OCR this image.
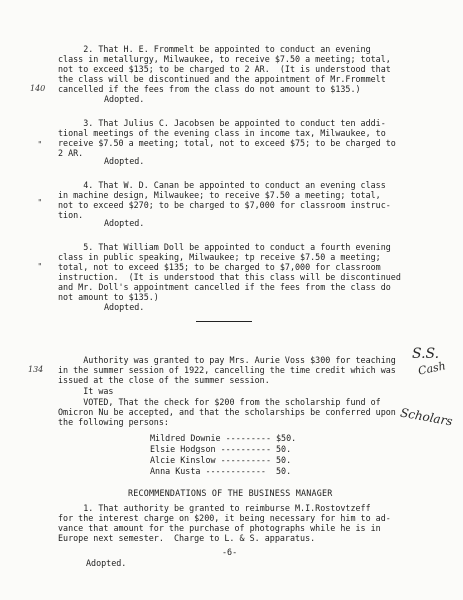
140
"
"
"
134
S.S.
Cash
Scholars
2. That H. E. Frommelt be appointed to conduct an evening
class in metallurgy, Milwaukee, to receive $7.50 a meeting; total,
not to exceed $135; to be charged to 2 AR.  (It is understood that
the class will be discontinued and the appointment of Mr.Frommelt
cancelled if the fees from the class do not amount to $135.)
Adopted.
3. That Julius C. Jacobsen be appointed to conduct ten addi-
tional meetings of the evening class in income tax, Milwaukee, to
receive $7.50 a meeting; total, not to exceed $75; to be charged to
2 AR.
Adopted.
4. That W. D. Canan be appointed to conduct an evening class
in machine design, Milwaukee; to receive $7.50 a meeting; total,
not to exceed $270; to be charged to $7,000 for classroom instruc-
tion.
Adopted.
5. That William Doll be appointed to conduct a fourth evening
class in public speaking, Milwaukee; tp receive $7.50 a meeting;
total, not to exceed $135; to be charged to $7,000 for classroom
instruction.  (It is understood that this class will be discontinued
and Mr. Doll's appointment cancelled if the fees from the class do
not amount to $135.)
Adopted.
Authority was granted to pay Mrs. Aurie Voss $300 for teaching
in the summer session of 1922, cancelling the time credit which was
issued at the close of the summer session.
It was
VOTED, That the check for $200 from the scholarship fund of
Omicron Nu be accepted, and that the scholarships be conferred upon
the following persons:
Mildred Downie --------- $50.
Elsie Hodgson ---------- 50.
Alcie Kinslow ---------- 50.
Anna Kusta ------------ 50.
RECOMMENDATIONS OF THE BUSINESS MANAGER
1. That authority be granted to reimburse M.I.Rostovtzeff
for the interest charge on $200, it being necessary for him to ad-
vance that amount for the purchase of photographs while he is in
Europe next semester.  Charge to L. & S. apparatus.
-6-
Adopted.
